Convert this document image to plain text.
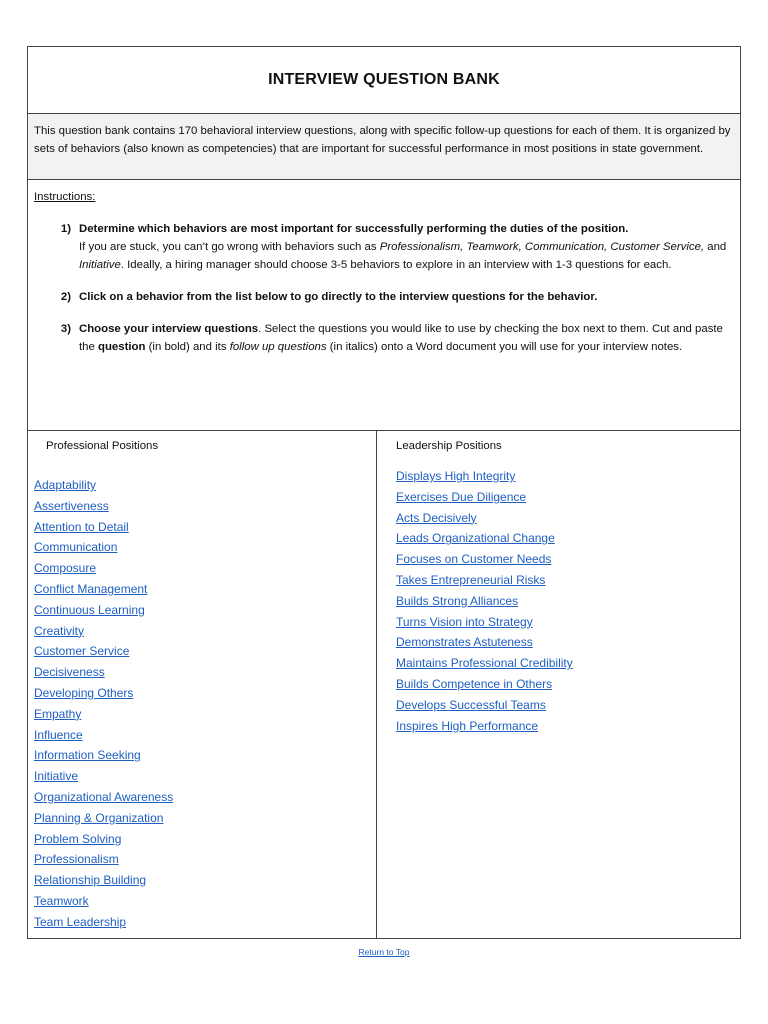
INTERVIEW QUESTION BANK
This question bank contains 170 behavioral interview questions, along with specific follow-up questions for each of them. It is organized by sets of behaviors (also known as competencies) that are important for successful performance in most positions in state government.
Instructions:
1) Determine which behaviors are most important for successfully performing the duties of the position.
If you are stuck, you can’t go wrong with behaviors such as Professionalism, Teamwork, Communication, Customer Service, and Initiative. Ideally, a hiring manager should choose 3-5 behaviors to explore in an interview with 1-3 questions for each.
2) Click on a behavior from the list below to go directly to the interview questions for the behavior.
3) Choose your interview questions. Select the questions you would like to use by checking the box next to them. Cut and paste the question (in bold) and its follow up questions (in italics) onto a Word document you will use for your interview notes.
Professional Positions
Adaptability
Assertiveness
Attention to Detail
Communication
Composure
Conflict Management
Continuous Learning
Creativity
Customer Service
Decisiveness
Developing Others
Empathy
Influence
Information Seeking
Initiative
Organizational Awareness
Planning & Organization
Problem Solving
Professionalism
Relationship Building
Teamwork
Team Leadership
Leadership Positions
Displays High Integrity
Exercises Due Diligence
Acts Decisively
Leads Organizational Change
Focuses on Customer Needs
Takes Entrepreneurial Risks
Builds Strong Alliances
Turns Vision into Strategy
Demonstrates Astuteness
Maintains Professional Credibility
Builds Competence in Others
Develops Successful Teams
Inspires High Performance
Return to Top
